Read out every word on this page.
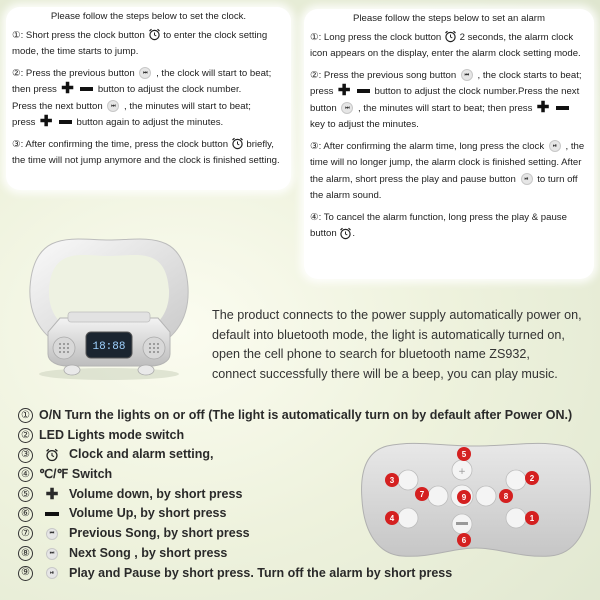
Please follow the steps below to set the clock.

①: Short press the clock button to enter the clock setting mode, the time starts to jump.

②: Press the previous button ⏮ , the clock will start to beat; then press ✚	button to adjust the clock number.
Press the next button ⏭ , the minutes will start to beat;
press ✚	button again to adjust the minutes.

③: After confirming the time, press the clock button briefly, the time will not jump anymore and the clock is finished setting.

Please follow the steps below to set an alarm

①: Long press the clock button 2 seconds, the alarm clock icon appears on the display, enter the alarm clock setting mode.

②: Press the previous song button ⏮ , the clock starts to beat; press ✚	button to adjust the clock number.Press the next button ⏭ , the minutes will start to beat; then press ✚  key to adjust the minutes.

③: After confirming the alarm time, long press the clock ⏯ , the time will no longer jump, the alarm clock is finished setting. After the alarm, short press the play and pause button ⏯ to turn off the alarm sound.

④: To cancel the alarm function, long press the play & pause button .

18:88

The product connects to the power supply automatically power on,

default into bluetooth mode, the light is automatically turned on,

open the cell phone to search for bluetooth name ZS932,

connect successfully there will be a beep, you can play music.

① O/N Turn the lights on or off (The light is automatically turn on by default after Power ON.)
② LED Lights mode switch
③	Clock and alarm setting,
④ ℃/℉ Switch
⑤ ✚ Volume down, by short press
⑥	Volume Up, by short press
⑦	⏮	Previous Song, by short press
⑧	⏭	Next Song , by short press
⑨	⏯	Play and Pause by short press. Turn off the alarm by short press
+
1
2
3
4
5
6
7	8
9
